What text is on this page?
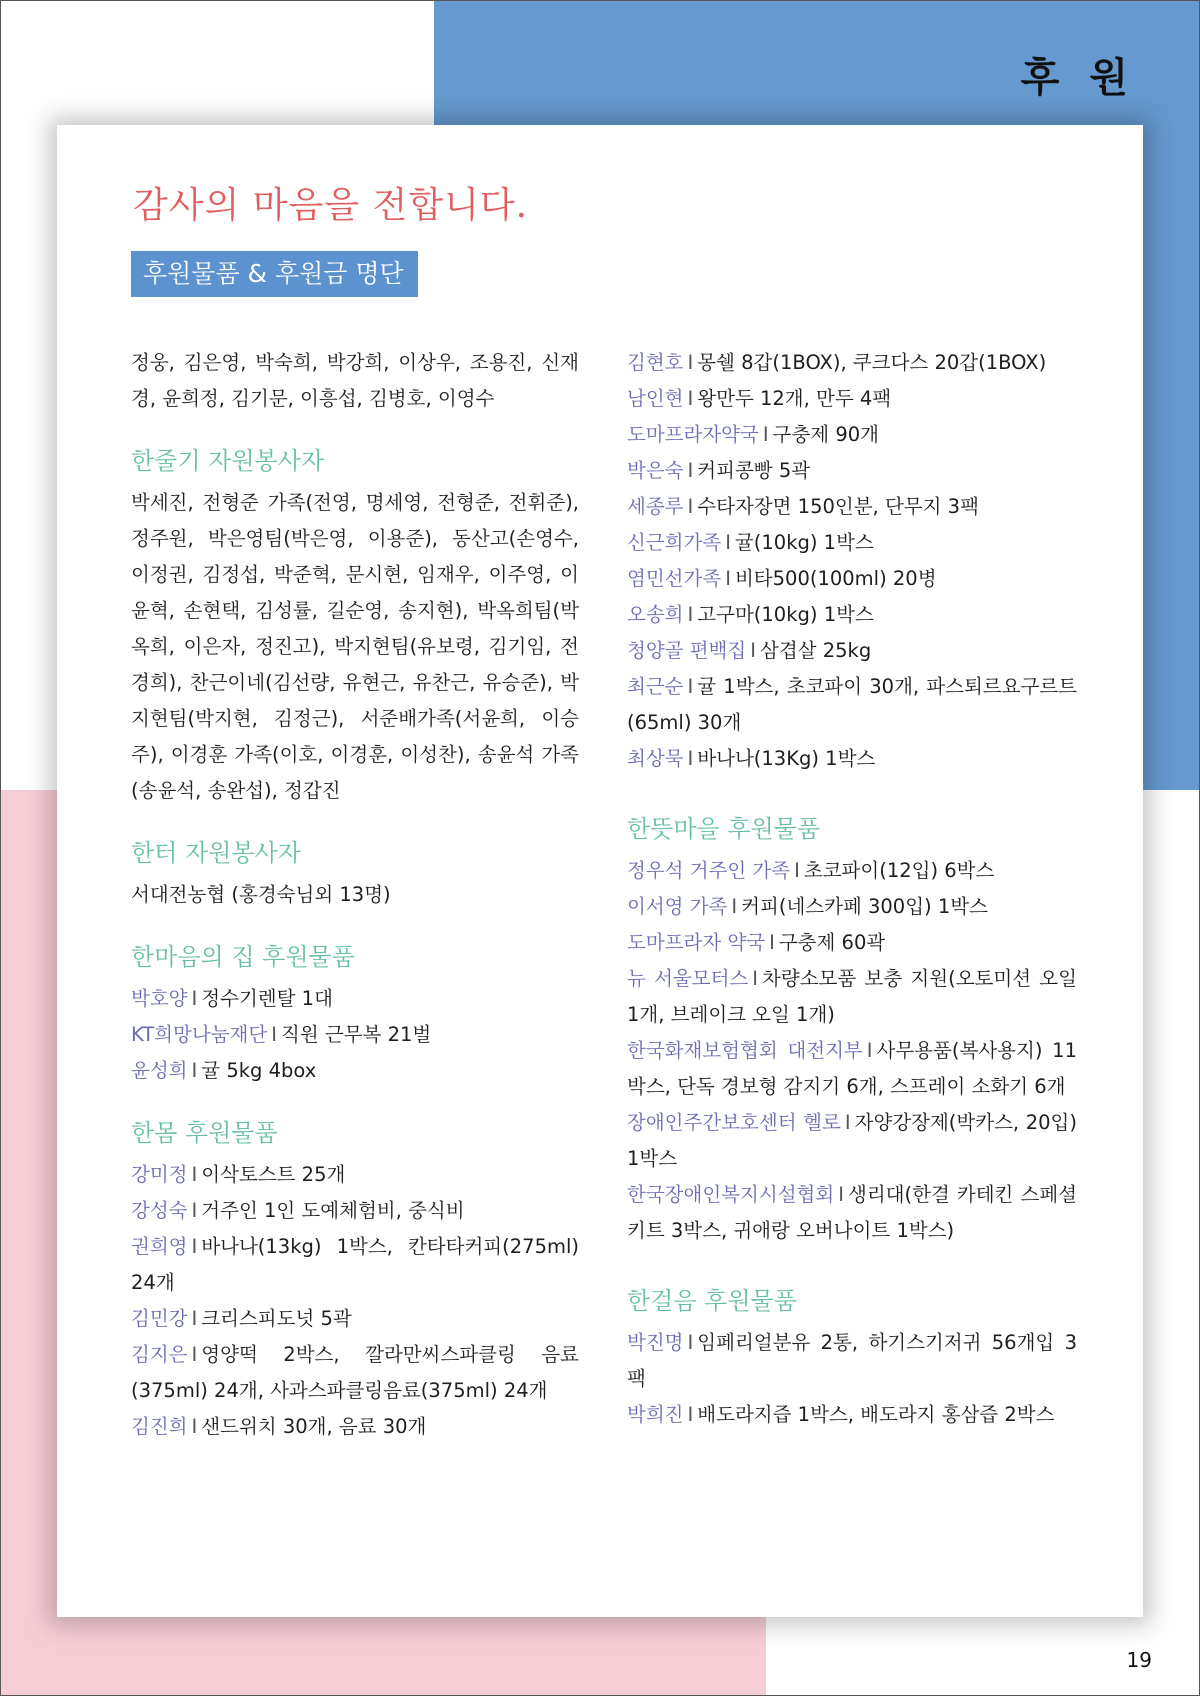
후 원
감사의 마음을 전합니다.
후원물품 & 후원금 명단

정웅, 김은영, 박숙희, 박강희, 이상우, 조용진, 신재경, 윤희정, 김기문, 이흥섭, 김병호, 이영수

한줄기 자원봉사자

박세진, 전형준 가족(전영, 명세영, 전형준, 전휘준), 정주원, 박은영팀(박은영, 이용준), 동산고(손영수, 이정권, 김정섭, 박준혁, 문시현, 임재우, 이주영, 이윤혁, 손현택, 김성률, 길순영, 송지현), 박옥희팀(박옥희, 이은자, 정진고), 박지현팀(유보령, 김기임, 전경희), 찬근이네(김선량, 유현근, 유찬근, 유승준), 박지현팀(박지현, 김정근), 서준배가족(서윤희, 이승주), 이경훈 가족(이호, 이경훈, 이성찬), 송윤석 가족(송윤석, 송완섭), 정갑진

한터 자원봉사자

서대전농협 (홍경숙님외 13명)

한마음의 집 후원물품

박호양 I 정수기렌탈 1대

KT희망나눔재단 I 직원 근무복 21벌

윤성희 I 귤 5kg 4box

한몸 후원물품

강미정 I 이삭토스트 25개

강성숙 I 거주인 1인 도예체험비, 중식비

권희영 I 바나나(13kg) 1박스, 칸타타커피(275ml) 24개

김민강 I 크리스피도넛 5곽

김지은 I 영양떡 2박스, 깔라만씨스파클링 음료(375ml) 24개, 사과스파클링음료(375ml) 24개

김진희 I 샌드위치 30개, 음료 30개

김현호 I 몽쉘 8갑(1BOX), 쿠크다스 20갑(1BOX)

남인현 I 왕만두 12개, 만두 4팩

도마프라자약국 I 구충제 90개

박은숙 I 커피콩빵 5곽

세종루 I 수타자장면 150인분, 단무지 3팩

신근희가족 I 귤(10kg) 1박스

염민선가족 I 비타500(100ml) 20병

오송희 I 고구마(10kg) 1박스

청양골 편백집 I 삼겹살 25kg

최근순 I 귤 1박스, 초코파이 30개, 파스퇴르요구르트(65ml) 30개

최상묵 I 바나나(13Kg) 1박스

한뜻마을 후원물품

정우석 거주인 가족 I 초코파이(12입) 6박스

이서영 가족 I 커피(네스카페 300입) 1박스

도마프라자 약국 I 구충제 60곽

뉴 서울모터스 I 차량소모품 보충 지원(오토미션 오일 1개, 브레이크 오일 1개)

한국화재보험협회 대전지부 I 사무용품(복사용지) 11박스, 단독 경보형 감지기 6개, 스프레이 소화기 6개

장애인주간보호센터 헬로 I 자양강장제(박카스, 20입) 1박스

한국장애인복지시설협회 I 생리대(한결 카테킨 스페셜 키트 3박스, 귀애랑 오버나이트 1박스)

한걸음 후원물품

박진명 I 임페리얼분유 2통, 하기스기저귀 56개입 3팩

박희진 I 배도라지즙 1박스, 배도라지 홍삼즙 2박스

19
